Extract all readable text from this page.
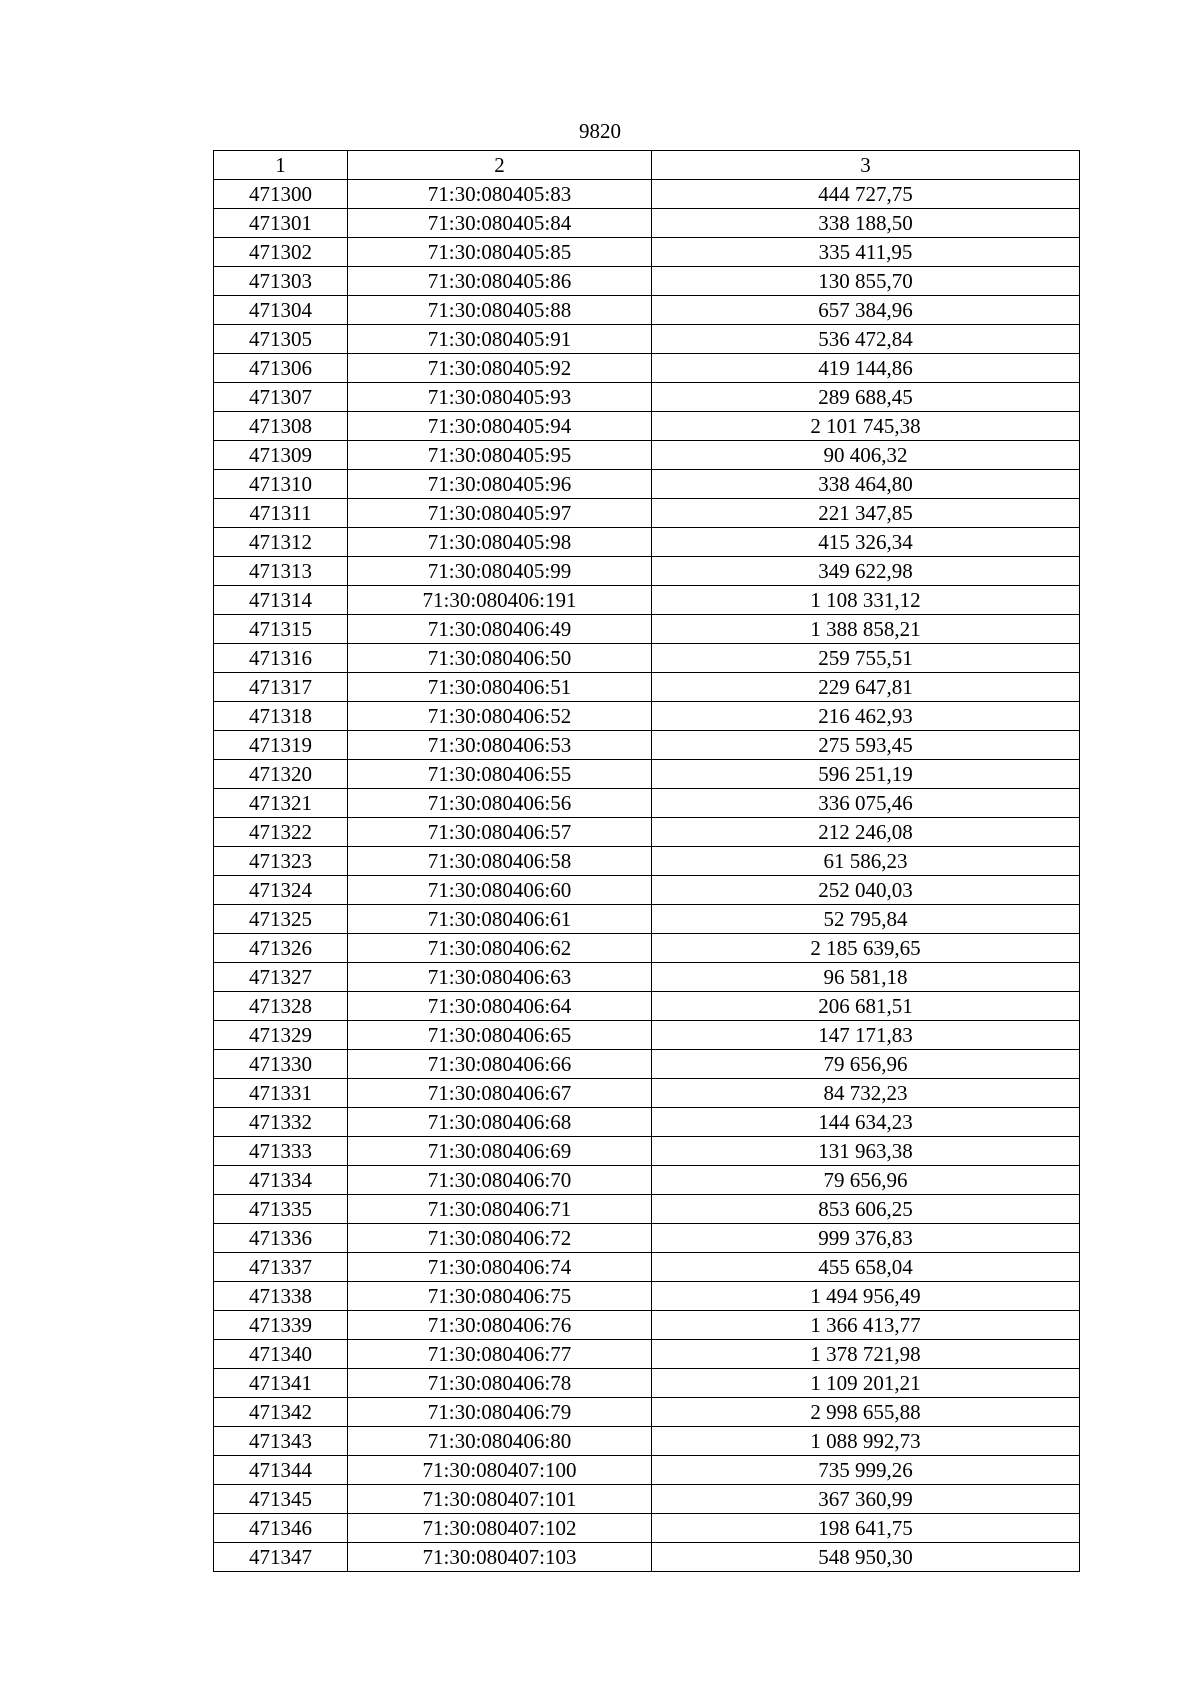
9820
1	2	3
471300	71:30:080405:83	444 727,75
471301	71:30:080405:84	338 188,50
471302	71:30:080405:85	335 411,95
471303	71:30:080405:86	130 855,70
471304	71:30:080405:88	657 384,96
471305	71:30:080405:91	536 472,84
471306	71:30:080405:92	419 144,86
471307	71:30:080405:93	289 688,45
471308	71:30:080405:94	2 101 745,38
471309	71:30:080405:95	90 406,32
471310	71:30:080405:96	338 464,80
471311	71:30:080405:97	221 347,85
471312	71:30:080405:98	415 326,34
471313	71:30:080405:99	349 622,98
471314	71:30:080406:191	1 108 331,12
471315	71:30:080406:49	1 388 858,21
471316	71:30:080406:50	259 755,51
471317	71:30:080406:51	229 647,81
471318	71:30:080406:52	216 462,93
471319	71:30:080406:53	275 593,45
471320	71:30:080406:55	596 251,19
471321	71:30:080406:56	336 075,46
471322	71:30:080406:57	212 246,08
471323	71:30:080406:58	61 586,23
471324	71:30:080406:60	252 040,03
471325	71:30:080406:61	52 795,84
471326	71:30:080406:62	2 185 639,65
471327	71:30:080406:63	96 581,18
471328	71:30:080406:64	206 681,51
471329	71:30:080406:65	147 171,83
471330	71:30:080406:66	79 656,96
471331	71:30:080406:67	84 732,23
471332	71:30:080406:68	144 634,23
471333	71:30:080406:69	131 963,38
471334	71:30:080406:70	79 656,96
471335	71:30:080406:71	853 606,25
471336	71:30:080406:72	999 376,83
471337	71:30:080406:74	455 658,04
471338	71:30:080406:75	1 494 956,49
471339	71:30:080406:76	1 366 413,77
471340	71:30:080406:77	1 378 721,98
471341	71:30:080406:78	1 109 201,21
471342	71:30:080406:79	2 998 655,88
471343	71:30:080406:80	1 088 992,73
471344	71:30:080407:100	735 999,26
471345	71:30:080407:101	367 360,99
471346	71:30:080407:102	198 641,75
471347	71:30:080407:103	548 950,30
